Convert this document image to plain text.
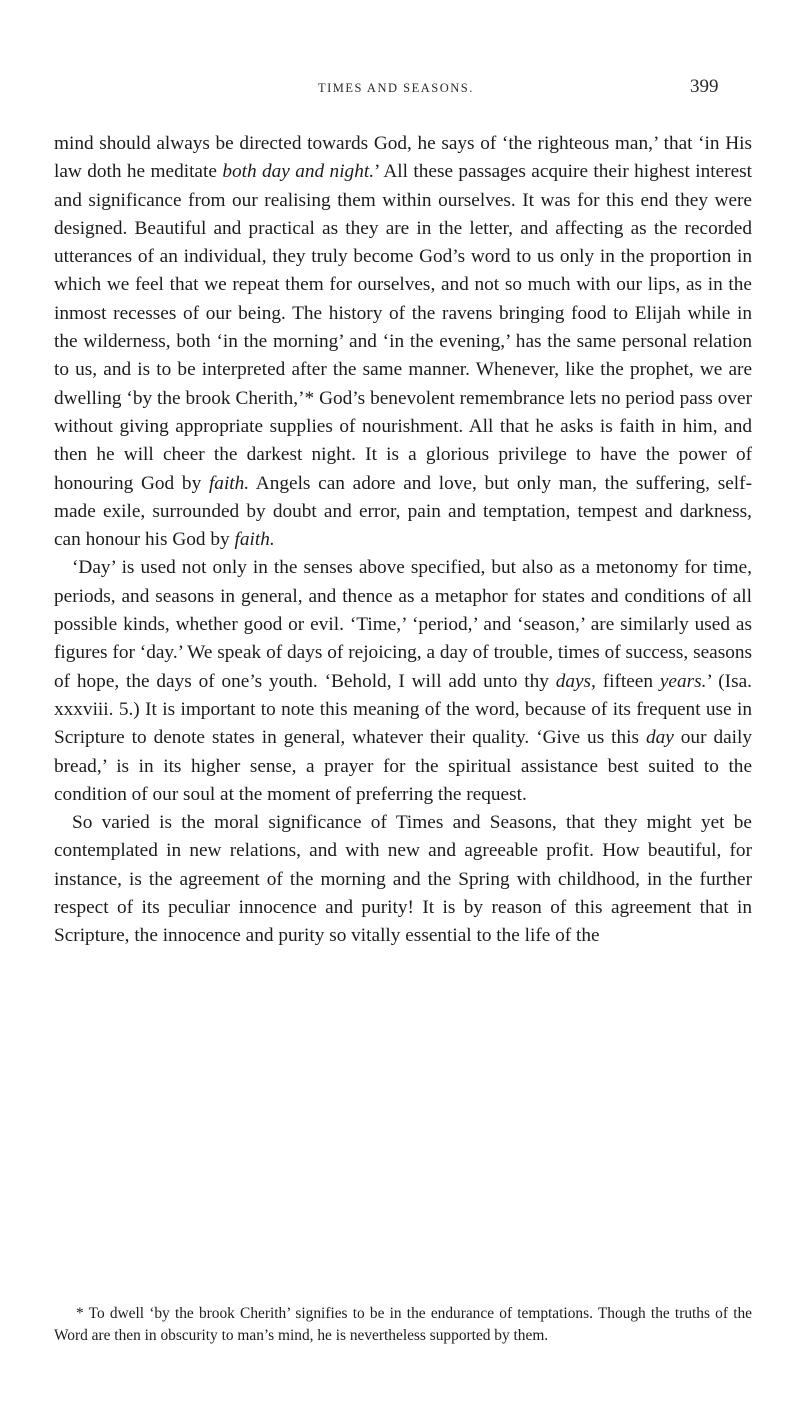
TIMES AND SEASONS.	399

mind should always be directed towards God, he says of ‘the righteous man,’ that ‘in His law doth he meditate both day and night.’ All these passages acquire their highest interest and significance from our realising them within ourselves. It was for this end they were designed. Beautiful and practical as they are in the letter, and affecting as the recorded utterances of an individual, they truly become God’s word to us only in the proportion in which we feel that we repeat them for ourselves, and not so much with our lips, as in the inmost recesses of our being. The history of the ravens bringing food to Elijah while in the wilderness, both ‘in the morning’ and ‘in the evening,’ has the same personal relation to us, and is to be interpreted after the same manner. Whenever, like the prophet, we are dwelling ‘by the brook Cherith,’* God’s benevolent remembrance lets no period pass over without giving appropriate supplies of nourishment. All that he asks is faith in him, and then he will cheer the darkest night. It is a glorious privilege to have the power of honouring God by faith. Angels can adore and love, but only man, the suffering, self-made exile, surrounded by doubt and error, pain and temptation, tempest and darkness, can honour his God by faith.

‘Day’ is used not only in the senses above specified, but also as a metonomy for time, periods, and seasons in general, and thence as a metaphor for states and conditions of all possible kinds, whether good or evil. ‘Time,’ ‘period,’ and ‘season,’ are similarly used as figures for ‘day.’ We speak of days of rejoicing, a day of trouble, times of success, seasons of hope, the days of one’s youth. ‘Behold, I will add unto thy days, fifteen years.’ (Isa. xxxviii. 5.) It is important to note this meaning of the word, because of its frequent use in Scripture to denote states in general, whatever their quality. ‘Give us this day our daily bread,’ is in its higher sense, a prayer for the spiritual assistance best suited to the condition of our soul at the moment of preferring the request.

So varied is the moral significance of Times and Seasons, that they might yet be contemplated in new relations, and with new and agreeable profit. How beautiful, for instance, is the agreement of the morning and the Spring with childhood, in the further respect of its peculiar innocence and purity! It is by reason of this agreement that in Scripture, the innocence and purity so vitally essential to the life of the

* To dwell ‘by the brook Cherith’ signifies to be in the endurance of temptations. Though the truths of the Word are then in obscurity to man’s mind, he is nevertheless supported by them.
